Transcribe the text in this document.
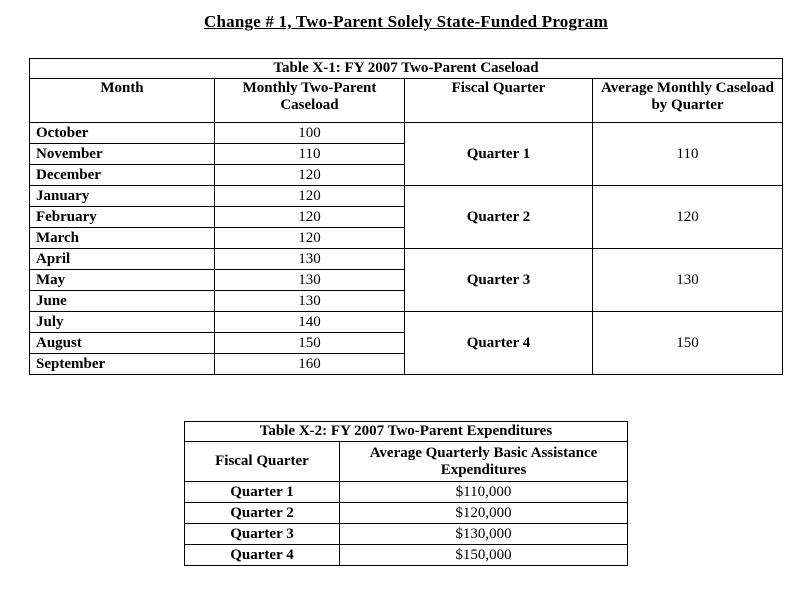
Change # 1, Two-Parent Solely State-Funded Program
Table X-1: FY 2007 Two-Parent Caseload			
Month	Monthly Two-Parent Caseload	Fiscal Quarter	Average Monthly Caseload by Quarter
October	100	Quarter 1	110
November	110		
December	120		
January	120	Quarter 2	120
February	120		
March	120		
April	130	Quarter 3	130
May	130		
June	130		
July	140	Quarter 4	150
August	150		
September	160		
Table X-2: FY 2007 Two-Parent Expenditures	
Fiscal Quarter	Average Quarterly Basic Assistance Expenditures
Quarter 1	$110,000
Quarter 2	$120,000
Quarter 3	$130,000
Quarter 4	$150,000
